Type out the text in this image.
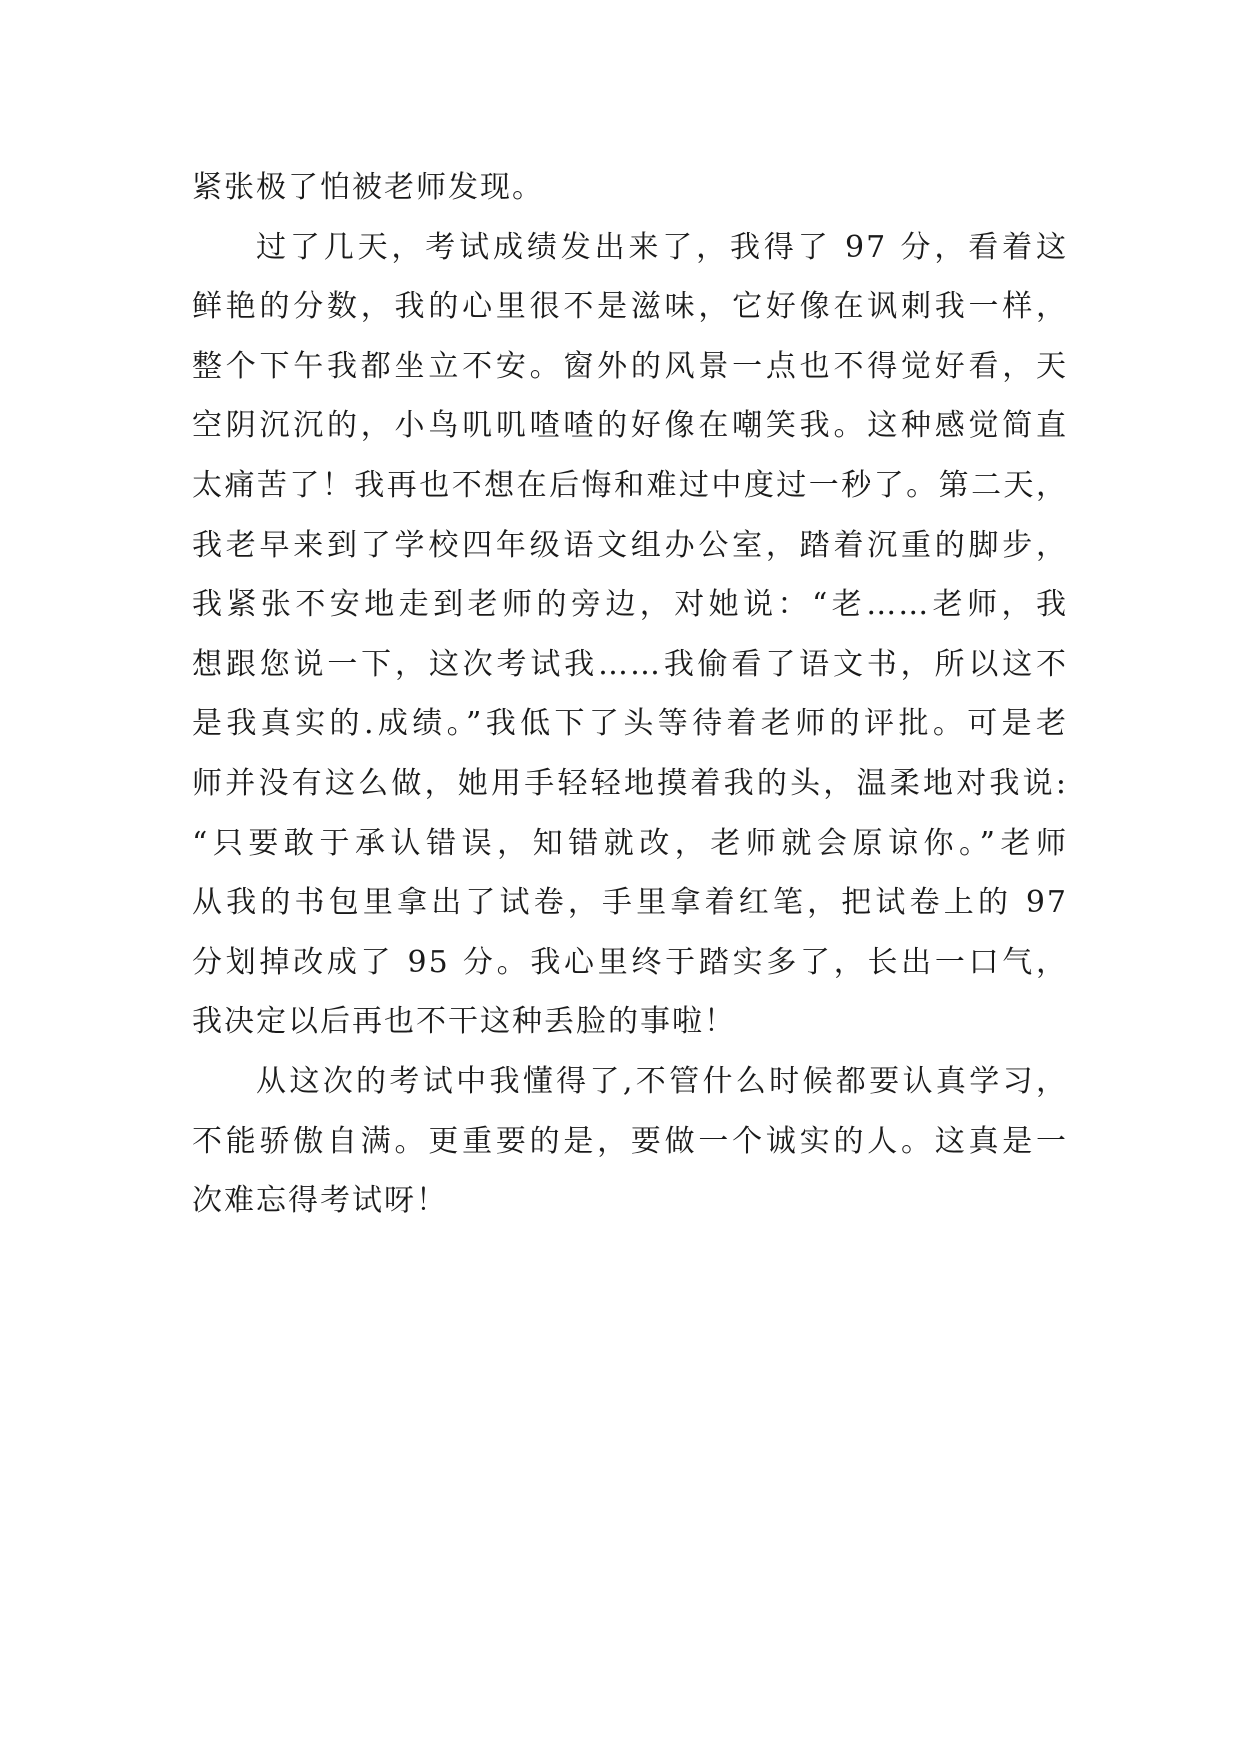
紧张极了怕被老师发现。
过了几天，考试成绩发出来了，我得了 97 分，看着这
鲜艳的分数，我的心里很不是滋味，它好像在讽刺我一样，
整个下午我都坐立不安。窗外的风景一点也不得觉好看，天
空阴沉沉的，小鸟叽叽喳喳的好像在嘲笑我。这种感觉简直
太痛苦了！我再也不想在后悔和难过中度过一秒了。第二天，
我老早来到了学校四年级语文组办公室，踏着沉重的脚步，
我紧张不安地走到老师的旁边，对她说：“老……老师，我
想跟您说一下，这次考试我……我偷看了语文书，所以这不
是我真实的.成绩。”我低下了头等待着老师的评批。可是老
师并没有这么做，她用手轻轻地摸着我的头，温柔地对我说:
“只要敢于承认错误，知错就改，老师就会原谅你。”老师
从我的书包里拿出了试卷，手里拿着红笔，把试卷上的 97
分划掉改成了 95 分。我心里终于踏实多了，长出一口气，
我决定以后再也不干这种丢脸的事啦！
从这次的考试中我懂得了,不管什么时候都要认真学习，
不能骄傲自满。更重要的是，要做一个诚实的人。这真是一
次难忘得考试呀！
